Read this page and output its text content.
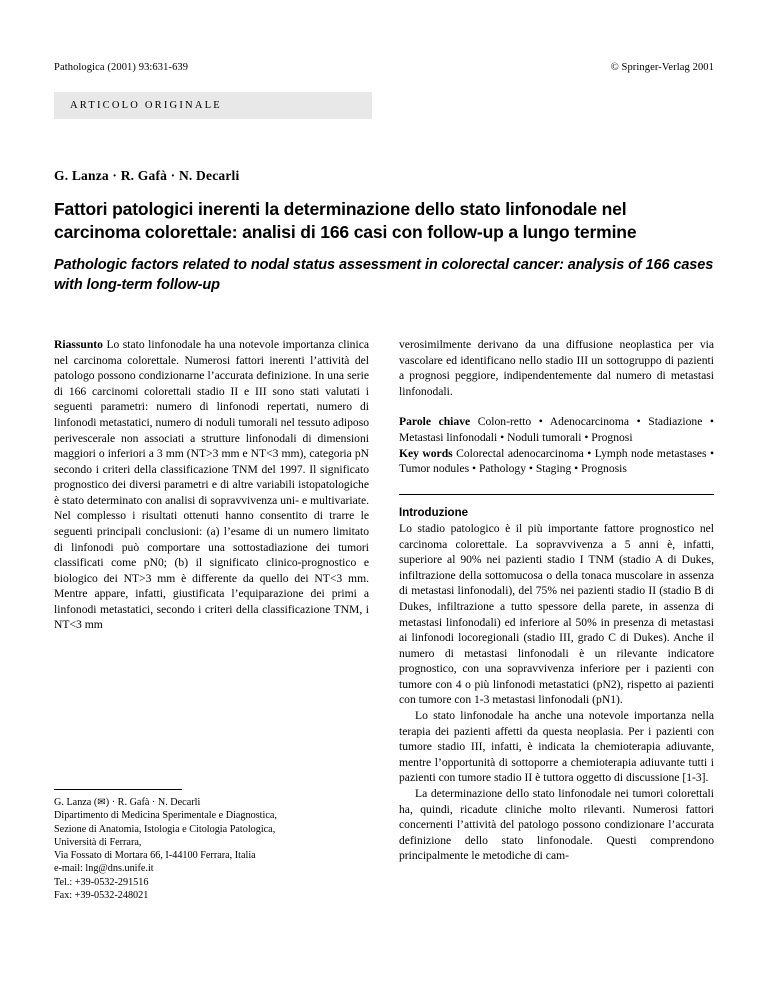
Pathologica (2001) 93:631-639	© Springer-Verlag 2001
ARTICOLO ORIGINALE
G. Lanza · R. Gafà · N. Decarli
Fattori patologici inerenti la determinazione dello stato linfonodale nel carcinoma colorettale: analisi di 166 casi con follow-up a lungo termine
Pathologic factors related to nodal status assessment in colorectal cancer: analysis of 166 cases with long-term follow-up

Riassunto Lo stato linfonodale ha una notevole importanza clinica nel carcinoma colorettale. Numerosi fattori inerenti l’attività del patologo possono condizionarne l’accurata definizione. In una serie di 166 carcinomi colorettali stadio II e III sono stati valutati i seguenti parametri: numero di linfonodi repertati, numero di linfonodi metastatici, numero di noduli tumorali nel tessuto adiposo perivescerale non associati a strutture linfonodali di dimensioni maggiori o inferiori a 3 mm (NT>3 mm e NT<3 mm), categoria pN secondo i criteri della classificazione TNM del 1997. Il significato prognostico dei diversi parametri e di altre variabili istopatologiche è stato determinato con analisi di sopravvivenza uni- e multivariate. Nel complesso i risultati ottenuti hanno consentito di trarre le seguenti principali conclusioni: (a) l’esame di un numero limitato di linfonodi può comportare una sottostadiazione dei tumori classificati come pN0; (b) il significato clinico-prognostico e biologico dei NT>3 mm è differente da quello dei NT<3 mm. Mentre appare, infatti, giustificata l’equiparazione dei primi a linfonodi metastatici, secondo i criteri della classificazione TNM, i NT<3 mm

verosimilmente derivano da una diffusione neoplastica per via vascolare ed identificano nello stadio III un sottogruppo di pazienti a prognosi peggiore, indipendentemente dal numero di metastasi linfonodali.

Parole chiave Colon-retto • Adenocarcinoma • Stadiazione • Metastasi linfonodali • Noduli tumorali • Prognosi

Key words Colorectal adenocarcinoma • Lymph node metastases • Tumor nodules • Pathology • Staging • Prognosis

Introduzione

Lo stadio patologico è il più importante fattore prognostico nel carcinoma colorettale. La sopravvivenza a 5 anni è, infatti, superiore al 90% nei pazienti stadio I TNM (stadio A di Dukes, infiltrazione della sottomucosa o della tonaca muscolare in assenza di metastasi linfonodali), del 75% nei pazienti stadio II (stadio B di Dukes, infiltrazione a tutto spessore della parete, in assenza di metastasi linfonodali) ed inferiore al 50% in presenza di metastasi ai linfonodi locoregionali (stadio III, grado C di Dukes). Anche il numero di metastasi linfonodali è un rilevante indicatore prognostico, con una sopravvivenza inferiore per i pazienti con tumore con 4 o più linfonodi metastatici (pN2), rispetto ai pazienti con tumore con 1-3 metastasi linfonodali (pN1).

Lo stato linfonodale ha anche una notevole importanza nella terapia dei pazienti affetti da questa neoplasia. Per i pazienti con tumore stadio III, infatti, è indicata la chemioterapia adiuvante, mentre l’opportunità di sottoporre a chemioterapia adiuvante tutti i pazienti con tumore stadio II è tuttora oggetto di discussione [1-3].

La determinazione dello stato linfonodale nei tumori colorettali ha, quindi, ricadute cliniche molto rilevanti. Numerosi fattori concernenti l’attività del patologo possono condizionare l’accurata definizione dello stato linfonodale. Questi comprendono principalmente le metodiche di cam-

G. Lanza (✉) · R. Gafà · N. Decarli
Dipartimento di Medicina Sperimentale e Diagnostica,
Sezione di Anatomia, Istologia e Citologia Patologica,
Università di Ferrara,
Via Fossato di Mortara 66, I-44100 Ferrara, Italia
e-mail: lng@dns.unife.it
Tel.: +39-0532-291516
Fax: +39-0532-248021
